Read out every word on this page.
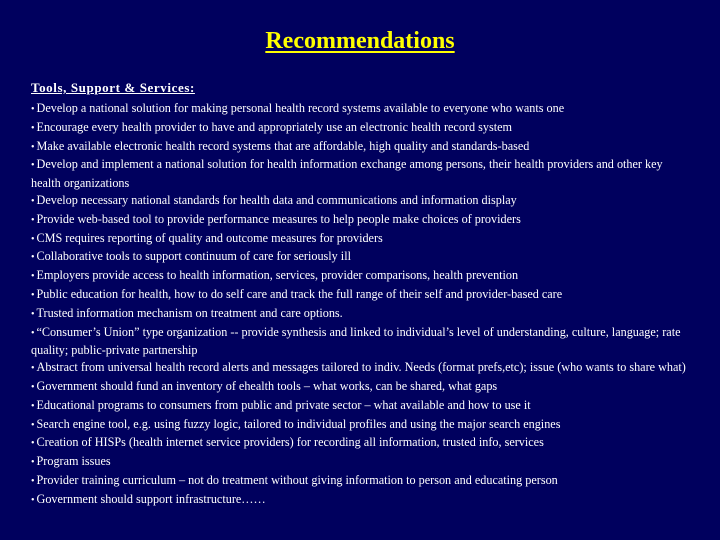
Recommendations
Tools, Support & Services:
• Develop a national solution for making personal health record systems available to everyone who wants one
• Encourage every health provider to have and appropriately use an electronic health record system
• Make available electronic health record systems that are affordable, high quality and standards-based
• Develop and implement a national solution for health information exchange among persons, their health providers and other key health organizations
• Develop necessary national standards for health data and communications and information display
• Provide web-based tool to provide performance measures to help people make choices of providers
• CMS requires reporting of quality and outcome measures for providers
• Collaborative tools to support continuum of care for seriously ill
• Employers provide access to health information, services, provider comparisons, health prevention
• Public education for health, how to do self care and track the full range of their self and provider-based care
• Trusted information mechanism on treatment and care options.
• “Consumer’s Union” type organization -- provide synthesis and linked to individual’s level of understanding, culture, language; rate quality; public-private partnership
• Abstract from universal health record alerts and messages tailored to indiv. Needs (format prefs,etc); issue (who wants to share what)
• Government should fund an inventory of ehealth tools – what works, can be shared, what gaps
• Educational programs to consumers from public and private sector – what available and how to use it
• Search engine tool, e.g. using fuzzy logic, tailored to individual profiles and using the major search engines
• Creation of HISPs (health internet service providers) for recording all information, trusted info, services
• Program issues
• Provider training curriculum – not do treatment without giving information to person and educating person
• Government should support infrastructure……
